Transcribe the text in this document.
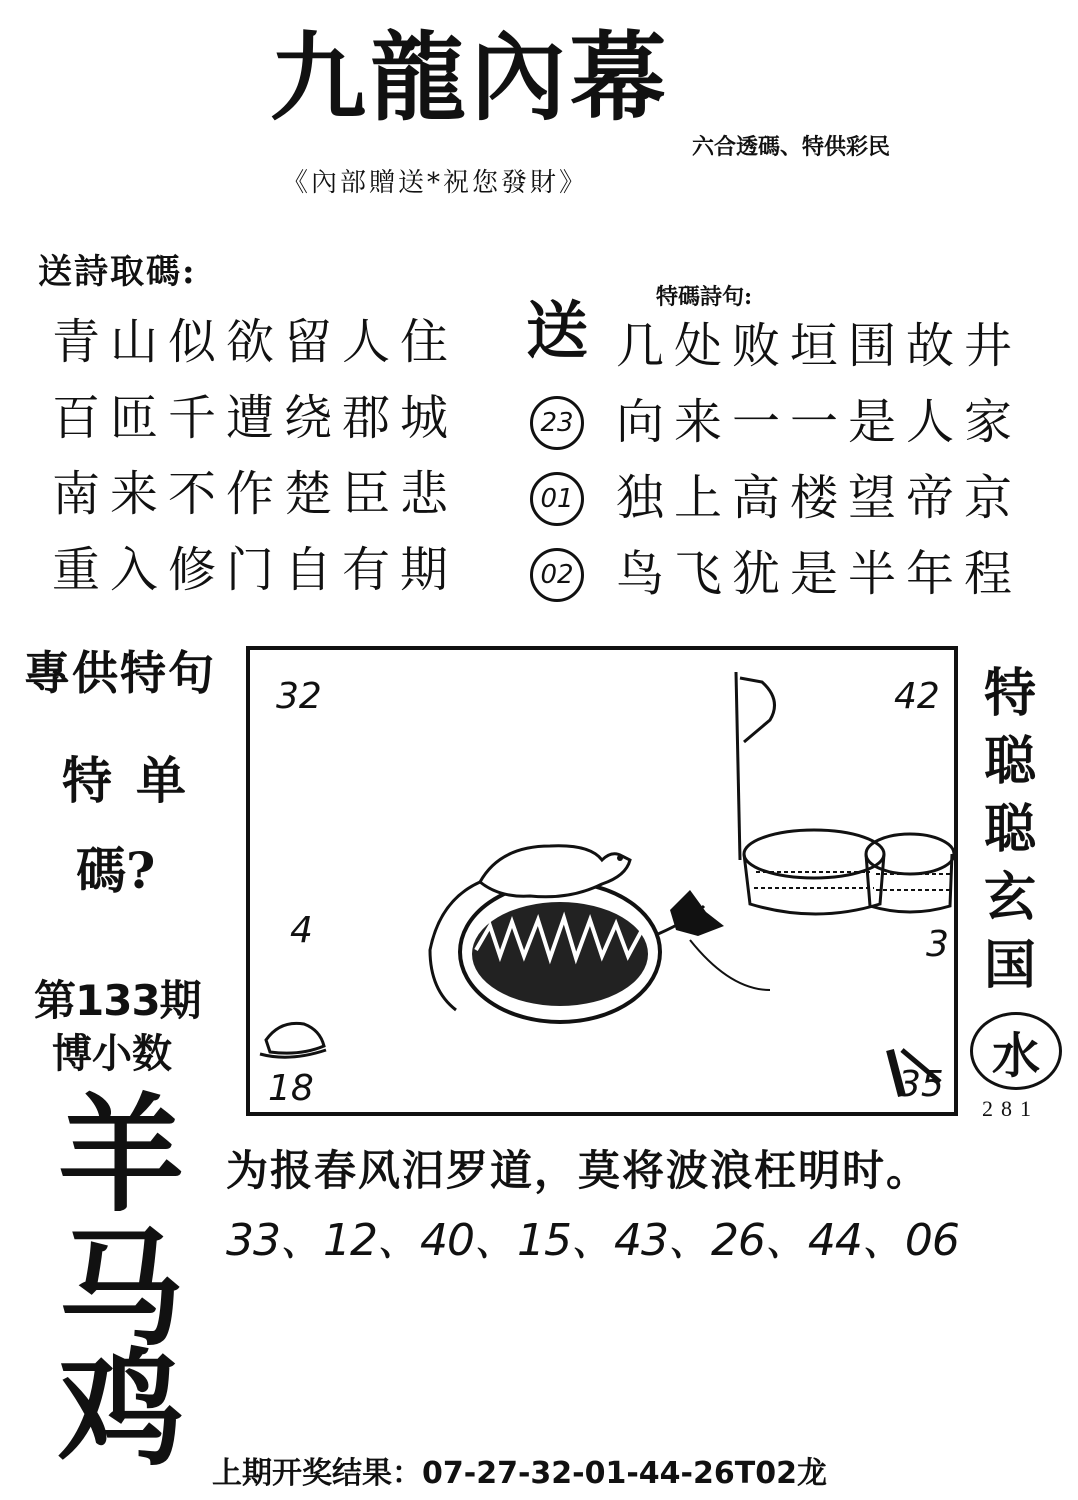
九龍內幕
六合透碼、特供彩民
《內部贈送*祝您發財》
送詩取碼:
青山似欲留人住
百匝千遭绕郡城
南来不作楚臣悲
重入修门自有期
特碼詩句:
送
23
01
02
几处败垣围故井
向来一一是人家
独上高楼望帝京
鸟飞犹是半年程
專供特句
特单
碼?
第133期
博小数
羊
马
鸡
32	42
18	35
4	3
特
聪
聪
玄
国
水
281
为报春风汨罗道，莫将波浪枉明时。
33、12、40、15、43、26、44、06
上期开奖结果：07-27-32-01-44-26T02龙
